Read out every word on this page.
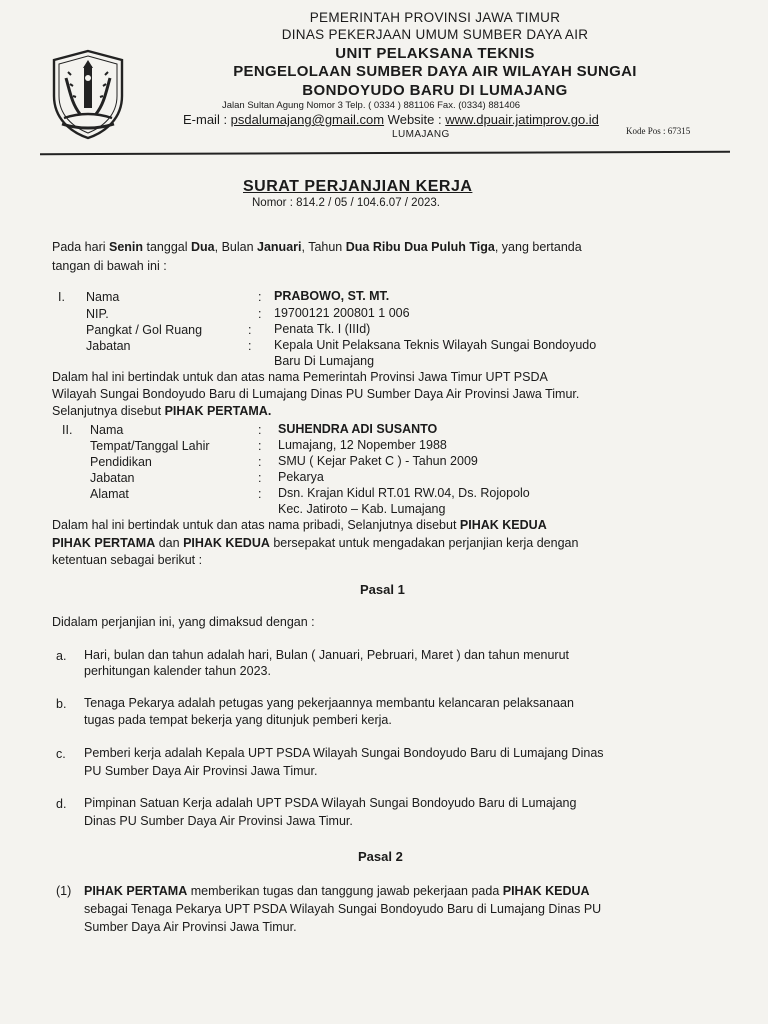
PEMERINTAH PROVINSI JAWA TIMUR
DINAS PEKERJAAN UMUM SUMBER DAYA AIR
UNIT PELAKSANA TEKNIS
PENGELOLAAN SUMBER DAYA AIR WILAYAH SUNGAI
BONDOYUDO BARU DI LUMAJANG
Jalan Sultan Agung Nomor 3 Telp. ( 0334 ) 881106 Fax. (0334) 881406
E-mail : psdalumajang@gmail.com Website : www.dpuair.jatimprov.go.id
LUMAJANG	Kode Pos : 67315
SURAT PERJANJIAN KERJA
Nomor : 814.2 / 05 / 104.6.07 / 2023.
Pada hari Senin tanggal Dua, Bulan Januari, Tahun Dua Ribu Dua Puluh Tiga, yang bertanda
tangan di bawah ini :
I. Nama	: PRABOWO, ST. MT.
NIP.	: 19700121 200801 1 006
Pangkat / Gol Ruang	: Penata Tk. I (IIId)
Jabatan	: Kepala Unit Pelaksana Teknis Wilayah Sungai Bondoyudo
Baru Di Lumajang
Dalam hal ini bertindak untuk dan atas nama Pemerintah Provinsi Jawa Timur UPT PSDA
Wilayah Sungai Bondoyudo Baru di Lumajang Dinas PU Sumber Daya Air Provinsi Jawa Timur.
Selanjutnya disebut PIHAK PERTAMA.
II. Nama	: SUHENDRA ADI SUSANTO
Tempat/Tanggal Lahir	: Lumajang, 12 Nopember 1988
Pendidikan	: SMU ( Kejar Paket C ) - Tahun 2009
Jabatan	: Pekarya
Alamat	: Dsn. Krajan Kidul RT.01 RW.04, Ds. Rojopolo
Kec. Jatiroto – Kab. Lumajang
Dalam hal ini bertindak untuk dan atas nama pribadi, Selanjutnya disebut PIHAK KEDUA
PIHAK PERTAMA dan PIHAK KEDUA bersepakat untuk mengadakan perjanjian kerja dengan
ketentuan sebagai berikut :
Pasal 1
Didalam perjanjian ini, yang dimaksud dengan :
a. Hari, bulan dan tahun adalah hari, Bulan ( Januari, Pebruari, Maret ) dan tahun menurut
perhitungan kalender tahun 2023.
b. Tenaga Pekarya adalah petugas yang pekerjaannya membantu kelancaran pelaksanaan
tugas pada tempat bekerja yang ditunjuk pemberi kerja.
c. Pemberi kerja adalah Kepala UPT PSDA Wilayah Sungai Bondoyudo Baru di Lumajang Dinas
PU Sumber Daya Air Provinsi Jawa Timur.
d. Pimpinan Satuan Kerja adalah UPT PSDA Wilayah Sungai Bondoyudo Baru di Lumajang
Dinas PU Sumber Daya Air Provinsi Jawa Timur.
Pasal 2
(1) PIHAK PERTAMA memberikan tugas dan tanggung jawab pekerjaan pada PIHAK KEDUA
sebagai Tenaga Pekarya UPT PSDA Wilayah Sungai Bondoyudo Baru di Lumajang Dinas PU
Sumber Daya Air Provinsi Jawa Timur.
